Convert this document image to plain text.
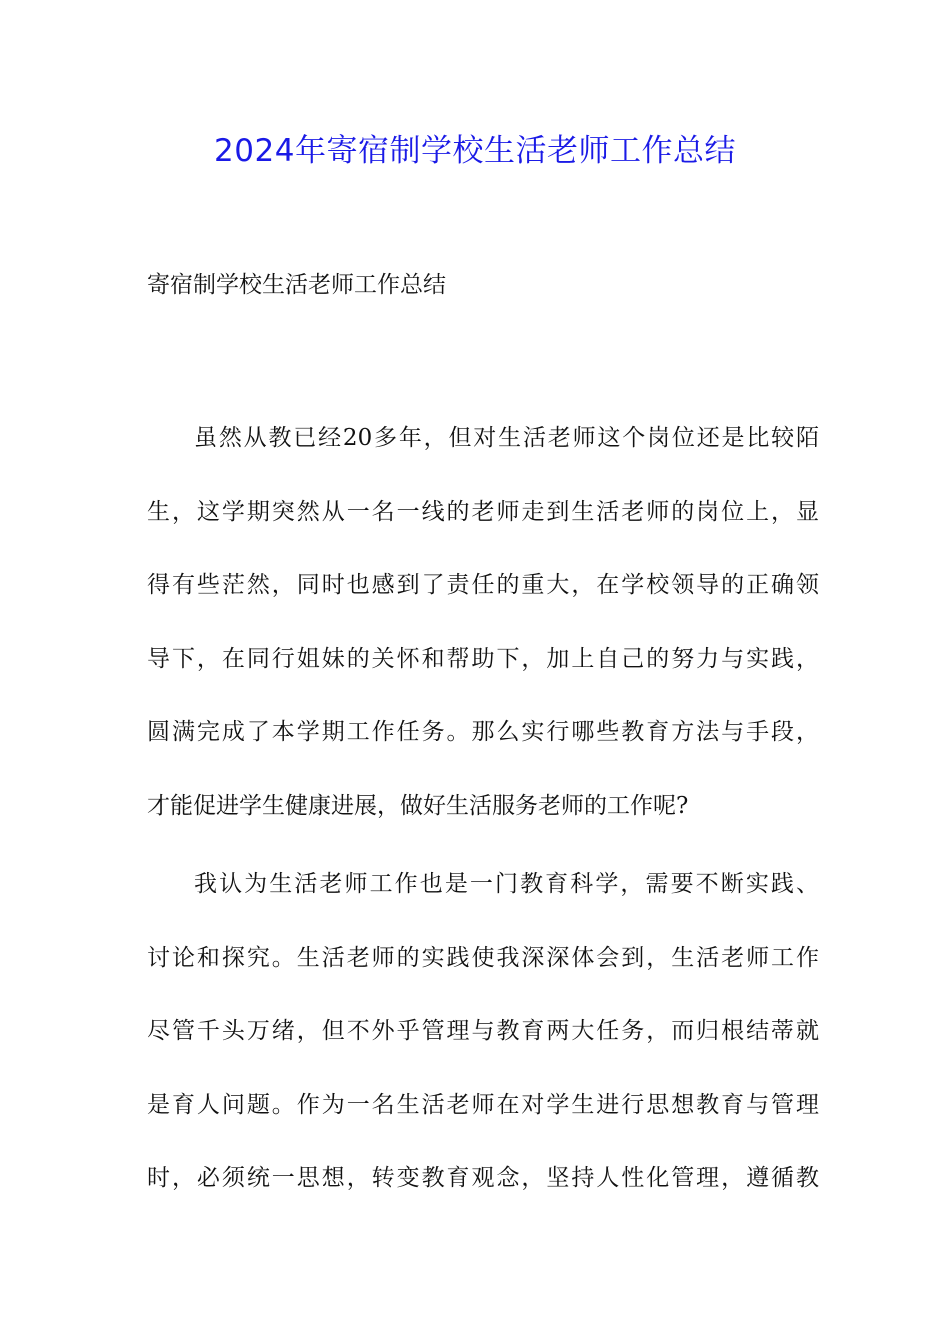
2024年寄宿制学校生活老师工作总结
寄宿制学校生活老师工作总结
虽然从教已经20多年，但对生活老师这个岗位还是比较陌
生，这学期突然从一名一线的老师走到生活老师的岗位上，显
得有些茫然，同时也感到了责任的重大，在学校领导的正确领
导下，在同行姐妹的关怀和帮助下，加上自己的努力与实践，
圆满完成了本学期工作任务。那么实行哪些教育方法与手段，
才能促进学生健康进展，做好生活服务老师的工作呢?
我认为生活老师工作也是一门教育科学，需要不断实践、
讨论和探究。生活老师的实践使我深深体会到，生活老师工作
尽管千头万绪，但不外乎管理与教育两大任务，而归根结蒂就
是育人问题。作为一名生活老师在对学生进行思想教育与管理
时，必须统一思想，转变教育观念，坚持人性化管理，遵循教
